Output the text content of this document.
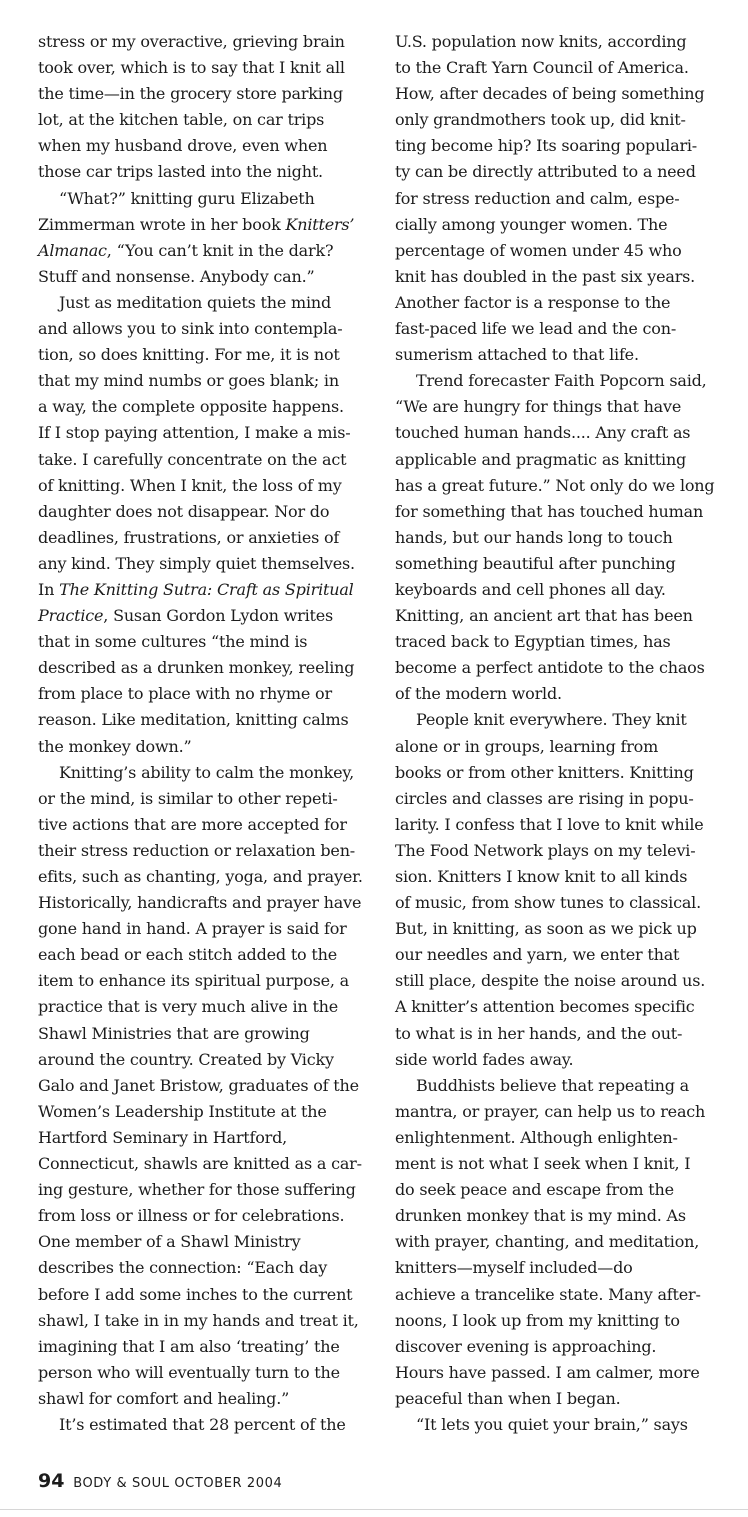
stress or my overactive, grieving brain
took over, which is to say that I knit all
the time—in the grocery store parking
lot, at the kitchen table, on car trips
when my husband drove, even when
those car trips lasted into the night.

“What?” knitting guru Elizabeth
Zimmerman wrote in her book Knitters’
Almanac, “You can’t knit in the dark?
Stuff and nonsense. Anybody can.”

Just as meditation quiets the mind
and allows you to sink into contempla-
tion, so does knitting. For me, it is not
that my mind numbs or goes blank; in
a way, the complete opposite happens.
If I stop paying attention, I make a mis-
take. I carefully concentrate on the act
of knitting. When I knit, the loss of my
daughter does not disappear. Nor do
deadlines, frustrations, or anxieties of
any kind. They simply quiet themselves.
In The Knitting Sutra: Craft as Spiritual
Practice, Susan Gordon Lydon writes
that in some cultures “the mind is
described as a drunken monkey, reeling
from place to place with no rhyme or
reason. Like meditation, knitting calms
the monkey down.”

Knitting’s ability to calm the monkey,
or the mind, is similar to other repeti-
tive actions that are more accepted for
their stress reduction or relaxation ben-
efits, such as chanting, yoga, and prayer.
Historically, handicrafts and prayer have
gone hand in hand. A prayer is said for
each bead or each stitch added to the
item to enhance its spiritual purpose, a
practice that is very much alive in the
Shawl Ministries that are growing
around the country. Created by Vicky
Galo and Janet Bristow, graduates of the
Women’s Leadership Institute at the
Hartford Seminary in Hartford,
Connecticut, shawls are knitted as a car-
ing gesture, whether for those suffering
from loss or illness or for celebrations.
One member of a Shawl Ministry
describes the connection: “Each day
before I add some inches to the current
shawl, I take in in my hands and treat it,
imagining that I am also ‘treating’ the
person who will eventually turn to the
shawl for comfort and healing.”

It’s estimated that 28 percent of the

U.S. population now knits, according
to the Craft Yarn Council of America.
How, after decades of being something
only grandmothers took up, did knit-
ting become hip? Its soaring populari-
ty can be directly attributed to a need
for stress reduction and calm, espe-
cially among younger women. The
percentage of women under 45 who
knit has doubled in the past six years.
Another factor is a response to the
fast-paced life we lead and the con-
sumerism attached to that life.

Trend forecaster Faith Popcorn said,
“We are hungry for things that have
touched human hands.... Any craft as
applicable and pragmatic as knitting
has a great future.” Not only do we long
for something that has touched human
hands, but our hands long to touch
something beautiful after punching
keyboards and cell phones all day.
Knitting, an ancient art that has been
traced back to Egyptian times, has
become a perfect antidote to the chaos
of the modern world.

People knit everywhere. They knit
alone or in groups, learning from
books or from other knitters. Knitting
circles and classes are rising in popu-
larity. I confess that I love to knit while
The Food Network plays on my televi-
sion. Knitters I know knit to all kinds
of music, from show tunes to classical.
But, in knitting, as soon as we pick up
our needles and yarn, we enter that
still place, despite the noise around us.
A knitter’s attention becomes specific
to what is in her hands, and the out-
side world fades away.

Buddhists believe that repeating a
mantra, or prayer, can help us to reach
enlightenment. Although enlighten-
ment is not what I seek when I knit, I
do seek peace and escape from the
drunken monkey that is my mind. As
with prayer, chanting, and meditation,
knitters—myself included—do
achieve a trancelike state. Many after-
noons, I look up from my knitting to
discover evening is approaching.
Hours have passed. I am calmer, more
peaceful than when I began.

“It lets you quiet your brain,” says

94 BODY & SOUL OCTOBER 2004
